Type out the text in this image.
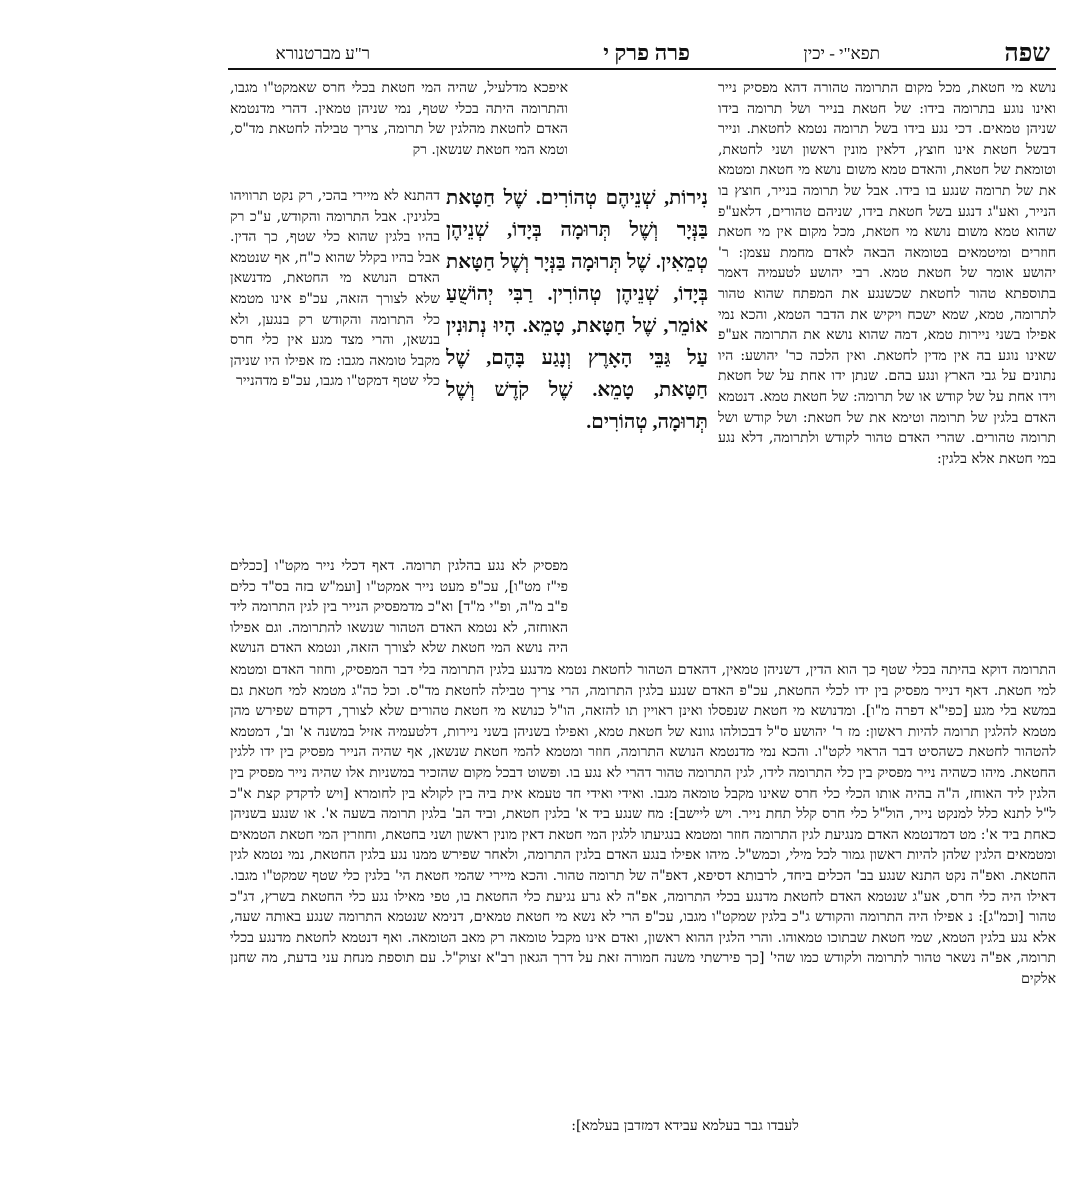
שפה
תפא"י - יכין
פרה פרק י
ר"ע מברטנורא

נושא מי חטאת, מכל מקום התרומה טהורה דהא מפסיק נייר ואינו נוגע בתרומה בידו: של חטאת בנייר ושל תרומה בידו שניהן טמאים. דכי נגע בידו בשל תרומה נטמא לחטאת. ונייר דבשל חטאת אינו חוצץ, דלאין מונין ראשון ושני לחטאת, וטומאת של חטאת, והאדם טמא משום נושא מי חטאת ומטמא את של תרומה שנגע בו בידו. אבל של תרומה בנייר, חוצץ בו הנייר, ואע"ג דנגע בשל חטאת בידו, שניהם טהורים, דלאע"פ שהוא טמא משום נושא מי חטאת, מכל מקום אין מי חטאת חוזרים ומיטמאים בטומאה הבאה לאדם מחמת עצמן: ר' יהושע אומר של חטאת טמא. רבי יהושע לטעמיה דאמר בתוספתא טהור לחטאת שכשנגע את המפתח שהוא טהור לתרומה, טמא, שמא ישכח ויקיש את הדבר הטמא, והכא נמי אפילו בשני ניירות טמא, דמה שהוא נושא את התרומה אע"פ שאינו נוגע בה אין מדין לחטאת. ואין הלכה כר' יהושע: היו נתונים על גבי הארץ ונגע בהם. שנתן ידו אחת על של חטאת וידו אחת על של קודש או של תרומה: של חטאת טמא. דנטמא האדם בלגין של תרומה וטימא את של חטאת: ושל קודש ושל תרומה טהורים. שהרי האדם טהור לקודש ולתרומה, דלא נגע במי חטאת אלא בלגין:

איפכא מדלעיל, שהיה המי חטאת בכלי חרס שאמקט"ו מגבו, והתרומה היתה בכלי שטף, נמי שניהן טמאין. דהרי מדנטמא האדם לחטאת מהלגין של תרומה, צריך טבילה לחטאת מד"ס, וטמא המי חטאת שנשאן. רק

דהתנא לא מיירי בהכי, רק נקט תרוויהו בלגינין. אבל התרומה והקודש, ע"כ רק בהיו בלגין שהוא כלי שטף, כך הדין. אבל בהיו בקלל שהוא כ"ח, אף שנטמא האדם הנושא מי החטאת, מדנשאן שלא לצורך הזאה, עכ"פ אינו מטמא כלי התרומה והקודש רק בנגען, ולא בנשאן, והרי מצד מגע אין כלי חרס מקבל טומאה מגבו: מז אפילו היו שניהן כלי שטף דמקט"ו מגבו, עכ"פ מדהנייר

נִירוֹת, שְׁנֵיהֶם טְהוֹרִים. שֶׁל חַטָּאת בַּנְּיָר וְשֶׁל תְּרוּמָה בְּיָדוֹ, שְׁנֵיהֶן טְמֵאִין. שֶׁל תְּרוּמָה בַּנְּיָר וְשֶׁל חַטָּאת בְּיָדוֹ, שְׁנֵיהֶן טְהוֹרִין. רַבִּי יְהוֹשֻׁעַ אוֹמֵר, שֶׁל חַטָּאת, טָמֵא. הָיוּ נְתוּנִין עַל גַּבֵּי הָאָרֶץ וְנָגַע בָּהֶם, שֶׁל חַטָּאת, טָמֵא. שֶׁל קֹדֶשׁ וְשֶׁל תְּרוּמָה, טְהוֹרִים.

מפסיק לא נגע בהלגין תרומה. דאף דכלי נייר מקט"ו [ככלים פי"ז מט"ו], עכ"פ מעט נייר אמקט"ו [ועמ"ש בזה בס"ד כלים פ"ב מ"ה, ופ"י מ"ד] וא"כ מדמפסיק הנייר בין לגין התרומה ליד האוחזה, לא נטמא האדם הטהור שנשאו להתרומה. וגם אפילו היה נושא המי חטאת שלא לצורך הזאה, ונטמא האדם הנושא

התרומה דוקא בהיתה בכלי שטף כך הוא הדין, דשניהן טמאין, דהאדם הטהור לחטאת נטמא מדנגע בלגין התרומה בלי דבר המפסיק, וחוזר האדם ומטמא למי חטאת. דאף דנייר מפסיק בין ידו לכלי החטאת, עכ"פ האדם שנגע בלגין התרומה, הרי צריך טבילה לחטאת מד"ס. וכל כה"ג מטמא למי חטאת גם במשא בלי מגע [כפי"א דפרה מ"ו]. ומדנושא מי חטאת שנפסלו ואינן ראויין תו להזאה, הו"ל כנושא מי חטאת טהורים שלא לצורך, דקודם שפירש מהן מטמא להלגין תרומה להיות ראשון: מז ר' יהושע ס"ל דבכולהו גוונא של חטאת טמא, ואפילו בשניהן בשני ניירות, דלטעמיה אזיל במשנה א' וב', דמטמא להטהור לחטאת כשהסיט דבר הראוי לקט"ו. והכא נמי מדנטמא הנושא התרומה, חוזר ומטמא להמי חטאת שנשאן, אף שהיה הנייר מפסיק בין ידו ללגין החטאת. מיהו כשהיה נייר מפסיק בין כלי התרומה לידו, לגין התרומה טהור דהרי לא נגע בו. ופשוט דבכל מקום שהזכיר במשניות אלו שהיה נייר מפסיק בין הלגין ליד האוחז, ה"ה בהיה אותו הכלי כלי חרס שאינו מקבל טומאה מגבו. ואידי ואידי חד טעמא אית ביה בין לקולא בין לחומרא [ויש לדקדק קצת א"כ ל"ל לתנא כלל למנקט נייר, הול"ל כלי חרס קלל תחת נייר. ויש ליישב]: מח שנגע ביד א' בלגין חטאת, וביד הב' בלגין תרומה בשעה א'. או שנגע בשניהן כאחת ביד א': מט דמדנטמא האדם מנגיעת לגין התרומה חוזר ומטמא בנגיעתו ללגין המי חטאת דאין מונין ראשון ושני בחטאת, וחוזרין המי חטאת הטמאים ומטמאים הלגין שלהן להיות ראשון גמור לכל מילי, וכמש"ל. מיהו אפילו בנגע האדם בלגין התרומה, ולאחר שפירש ממנו נגע בלגין החטאת, נמי נטמא לגין החטאת. ואפ"ה נקט התנא שנגע בב' הכלים ביחד, לרבותא דסיפא, דאפ"ה של תרומה טהור. והכא מיירי שהמי חטאת הי' בלגין כלי שטף שמקט"ו מגבו. דאילו היה כלי חרס, אע"ג שנטמא האדם לחטאת מדנגע בכלי התרומה, אפ"ה לא גרע נגיעת כלי החטאת בו, טפי מאילו נגע כלי החטאת בשרץ, דג"כ טהור [וכמ"ג]: נ אפילו היה התרומה והקודש ג"כ בלגין שמקט"ו מגבו, עכ"פ הרי לא נשא מי חטאת טמאים, דנימא שנטמא התרומה שנגע באותה שעה, אלא נגע בלגין הטמא, שמי חטאת שבתוכו טמאוהו. והרי הלגין ההוא ראשון, ואדם אינו מקבל טומאה רק מאב הטומאה. ואף דנטמא לחטאת מדנגע בכלי תרומה, אפ"ה נשאר טהור לתרומה ולקודש כמו שהי' [כך פירשתי משנה חמורה זאת על דרך הגאון רב"א זצוק"ל. עם תוספת מנחת עני בדעת, מה שחנן אלקים

לעבדו גבר בעלמא עבידא דמזדבן בעלמא]:
